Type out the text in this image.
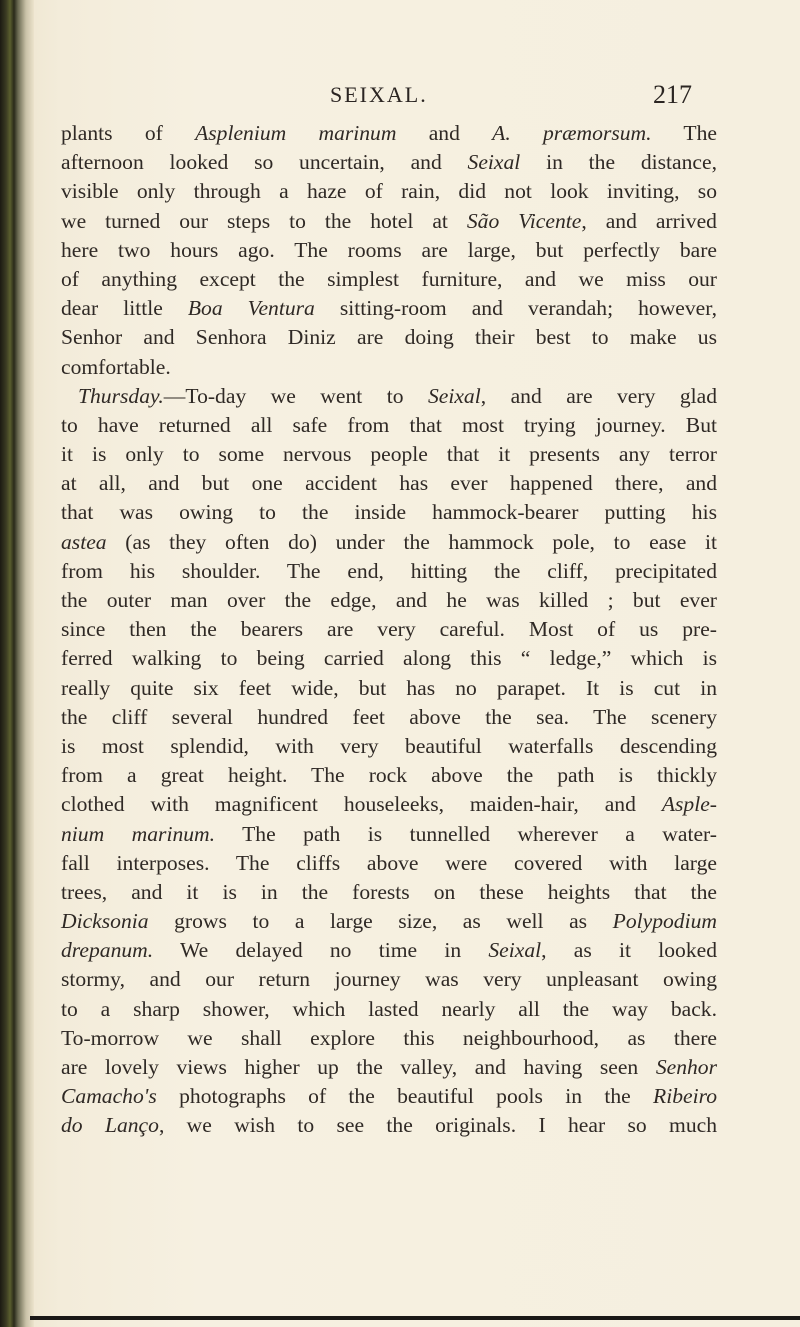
SEIXAL.	217
plants of Asplenium marinum and A. præmorsum. The
afternoon looked so uncertain, and Seixal in the distance,
visible only through a haze of rain, did not look inviting, so
we turned our steps to the hotel at São Vicente, and arrived
here two hours ago. The rooms are large, but perfectly bare
of anything except the simplest furniture, and we miss our
dear little Boa Ventura sitting-room and verandah; however,
Senhor and Senhora Diniz are doing their best to make us
comfortable.
Thursday.—To-day we went to Seixal, and are very glad
to have returned all safe from that most trying journey. But
it is only to some nervous people that it presents any terror
at all, and but one accident has ever happened there, and
that was owing to the inside hammock-bearer putting his
astea (as they often do) under the hammock pole, to ease it
from his shoulder. The end, hitting the cliff, precipitated
the outer man over the edge, and he was killed ; but ever
since then the bearers are very careful. Most of us pre-
ferred walking to being carried along this “ ledge,” which is
really quite six feet wide, but has no parapet. It is cut in
the cliff several hundred feet above the sea. The scenery
is most splendid, with very beautiful waterfalls descending
from a great height. The rock above the path is thickly
clothed with magnificent houseleeks, maiden-hair, and Asple-
nium marinum. The path is tunnelled wherever a water-
fall interposes. The cliffs above were covered with large
trees, and it is in the forests on these heights that the
Dicksonia grows to a large size, as well as Polypodium
drepanum. We delayed no time in Seixal, as it looked
stormy, and our return journey was very unpleasant owing
to a sharp shower, which lasted nearly all the way back.
To-morrow we shall explore this neighbourhood, as there
are lovely views higher up the valley, and having seen Senhor
Camacho's photographs of the beautiful pools in the Ribeiro
do Lanço, we wish to see the originals. I hear so much
